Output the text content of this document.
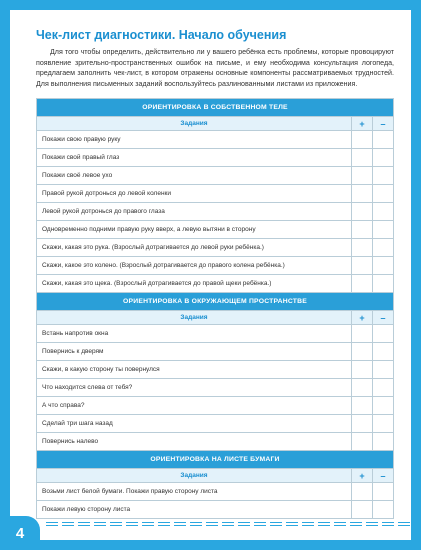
Чек-лист диагностики. Начало обучения

Для того чтобы определить, действительно ли у вашего ребёнка есть проблемы, которые провоцируют появление зрительно-пространственных ошибок на письме, и ему необходима консультация логопеда, предлагаем заполнить чек-лист, в котором отражены основные компоненты рассматриваемых трудностей. Для выполнения письменных заданий воспользуйтесь разлинованными листами из приложения.

ОРИЕНТИРОВКА В СОБСТВЕННОМ ТЕЛЕ		
Задания	+	–
Покажи свою правую руку		
Покажи свой правый глаз		
Покажи своё левое ухо		
Правой рукой дотронься до левой коленки		
Левой рукой дотронься до правого глаза		
Одновременно подними правую руку вверх, а левую вытяни в сторону		
Скажи, какая это рука. (Взрослый дотрагивается до левой руки ребёнка.)		
Скажи, какое это колено. (Взрослый дотрагивается до правого колена ребёнка.)		
Скажи, какая это щека. (Взрослый дотрагивается до правой щеки ребёнка.)		
ОРИЕНТИРОВКА В ОКРУЖАЮЩЕМ ПРОСТРАНСТВЕ		
Задания	+	–
Встань напротив окна		
Повернись к дверям		
Скажи, в какую сторону ты повернулся		
Что находится слева от тебя?		
А что справа?		
Сделай три шага назад		
Повернись налево		
ОРИЕНТИРОВКА НА ЛИСТЕ БУМАГИ		
Задания	+	–
Возьми лист белой бумаги. Покажи правую сторону листа		
Покажи левую сторону листа		
4
